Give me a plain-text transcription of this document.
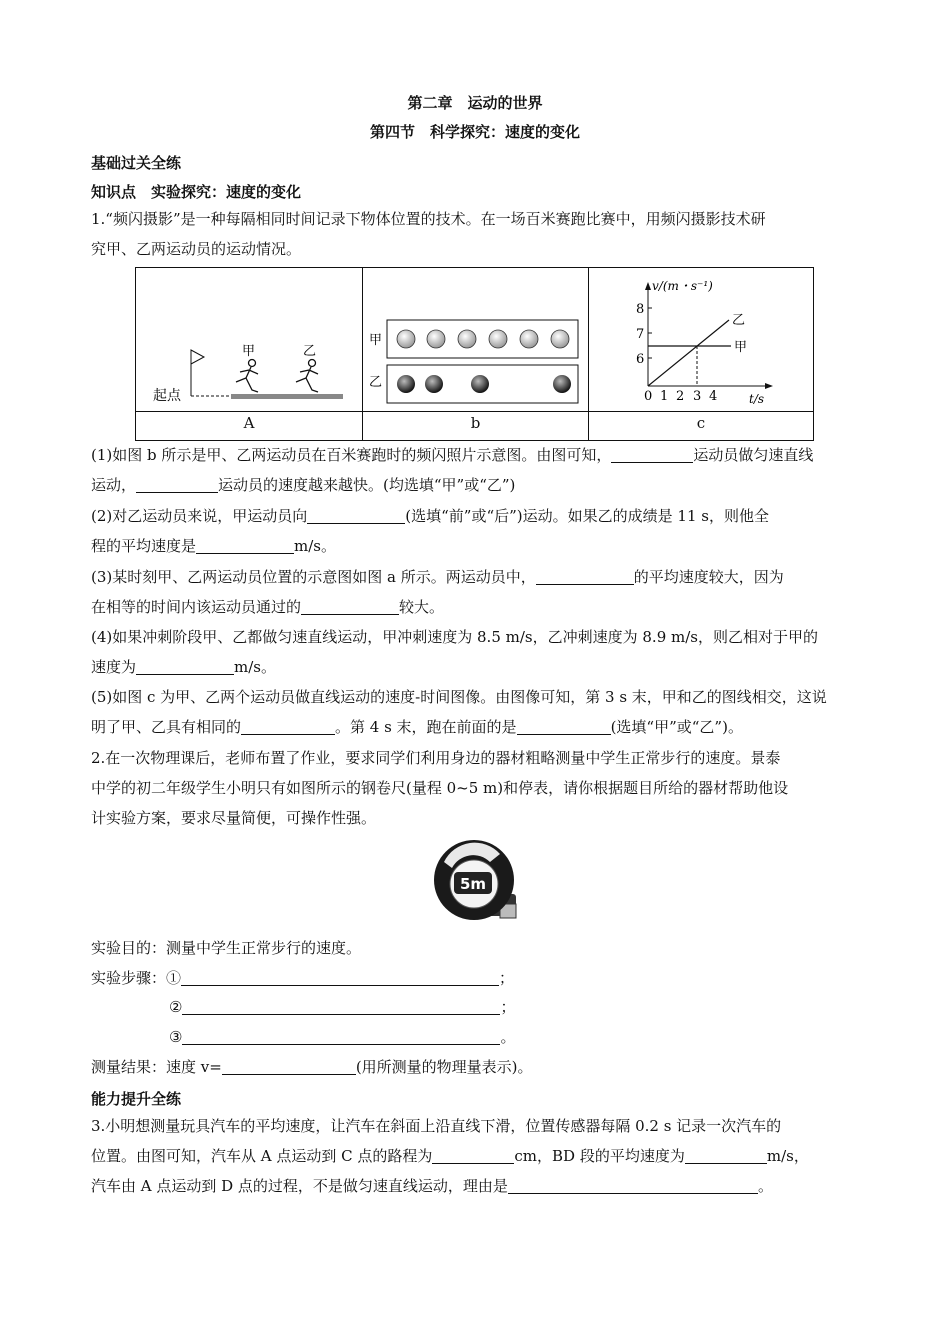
第二章　运动的世界
第四节　科学探究：速度的变化
基础过关全练
知识点　实验探究：速度的变化
1.“频闪摄影”是一种每隔相同时间记录下物体位置的技术。在一场百米赛跑比赛中，用频闪摄影技术研
究甲、乙两运动员的运动情况。
起点
甲	乙
甲
乙
v/(m・s⁻¹)
t/s
8
7
6
0 1 2 3 4
乙
甲
A	b	c
(1)如图 b 所示是甲、乙两运动员在百米赛跑时的频闪照片示意图。由图可知，	运动员做匀速直线
运动，	运动员的速度越来越快。(均选填“甲”或“乙”)
(2)对乙运动员来说，甲运动员向	(选填“前”或“后”)运动。如果乙的成绩是 11 s，则他全
程的平均速度是	m/s。
(3)某时刻甲、乙两运动员位置的示意图如图 a 所示。两运动员中，	的平均速度较大，因为
在相等的时间内该运动员通过的	较大。
(4)如果冲刺阶段甲、乙都做匀速直线运动，甲冲刺速度为 8.5 m/s，乙冲刺速度为 8.9 m/s，则乙相对于甲的
速度为	m/s。
(5)如图 c 为甲、乙两个运动员做直线运动的速度-时间图像。由图像可知，第 3 s 末，甲和乙的图线相交，这说
明了甲、乙具有相同的	。第 4 s 末，跑在前面的是	(选填“甲”或“乙”)。
2.在一次物理课后，老师布置了作业，要求同学们利用身边的器材粗略测量中学生正常步行的速度。景泰
中学的初二年级学生小明只有如图所示的钢卷尺(量程 0~5 m)和停表，请你根据题目所给的器材帮助他设
计实验方案，要求尽量简便，可操作性强。
5m
实验目的：测量中学生正常步行的速度。
实验步骤：①	；
②	；
③	。
测量结果：速度 v=	(用所测量的物理量表示)。
能力提升全练
3.小明想测量玩具汽车的平均速度，让汽车在斜面上沿直线下滑，位置传感器每隔 0.2 s 记录一次汽车的
位置。由图可知，汽车从 A 点运动到 C 点的路程为	cm，BD 段的平均速度为	m/s，
汽车由 A 点运动到 D 点的过程，不是做匀速直线运动，理由是	。
